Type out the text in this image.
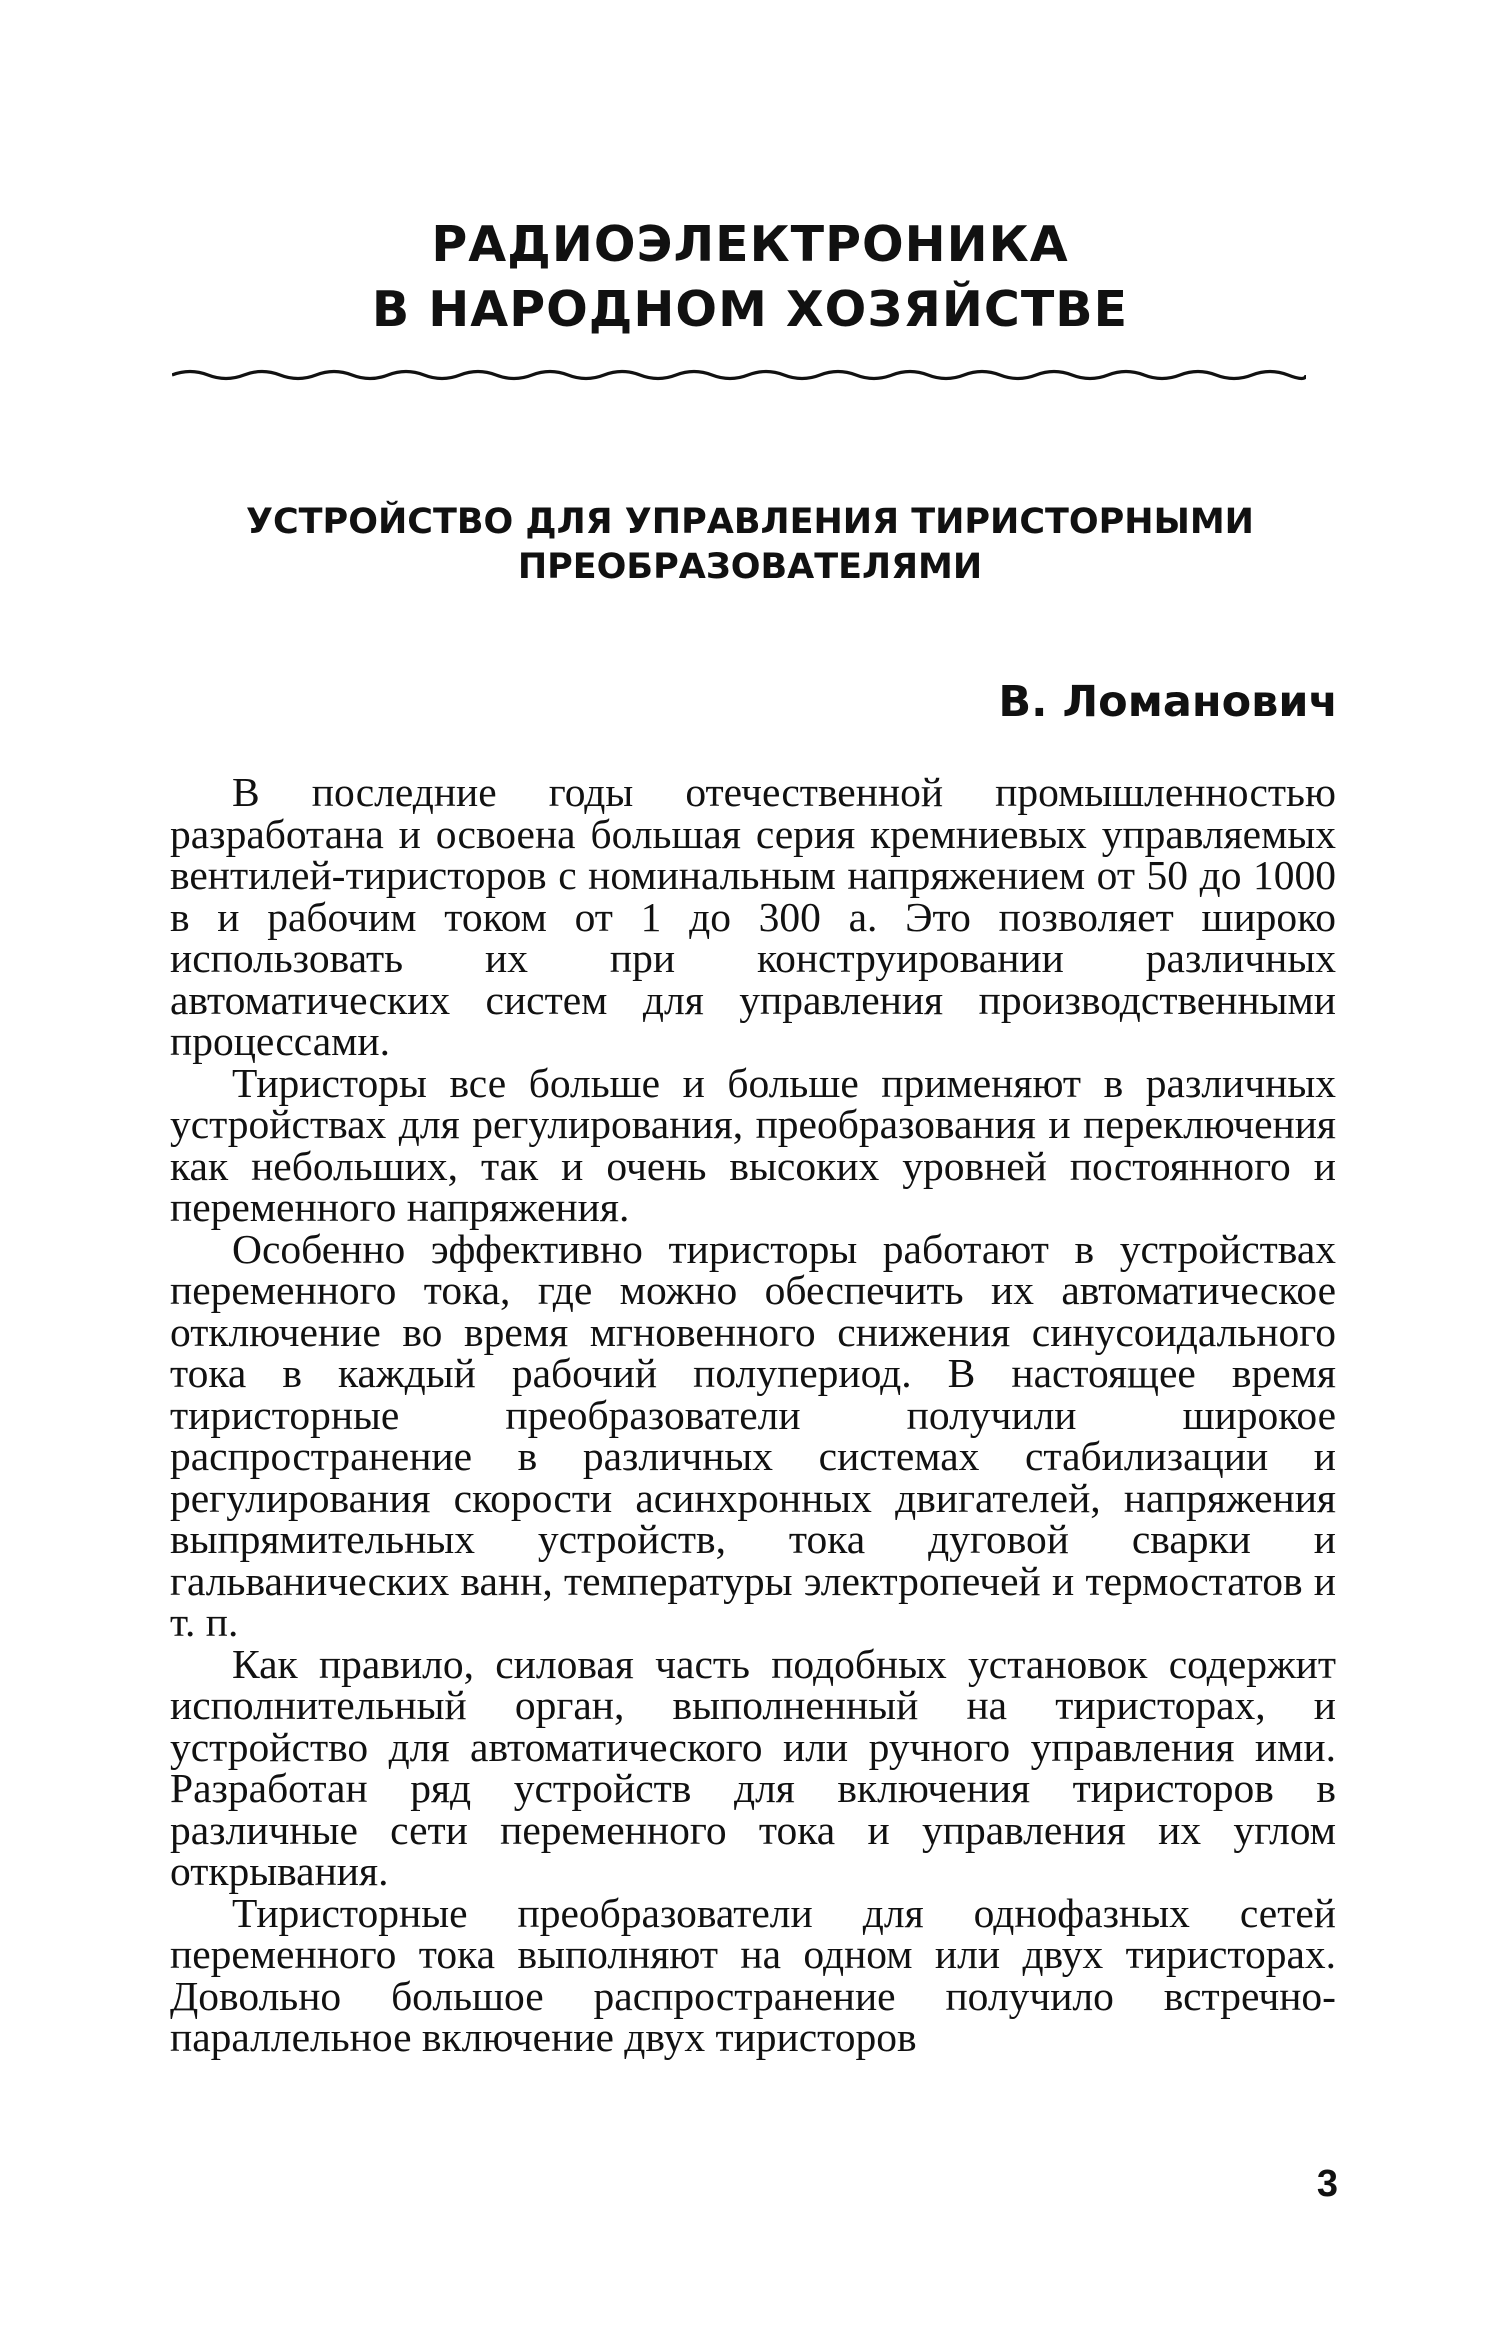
РАДИОЭЛЕКТРОНИКА
В НАРОДНОМ ХОЗЯЙСТВЕ
УСТРОЙСТВО ДЛЯ УПРАВЛЕНИЯ ТИРИСТОРНЫМИ
ПРЕОБРАЗОВАТЕЛЯМИ

В. Ломанович

В последние годы отечественной промышленностью разработана и освоена большая серия кремниевых управляемых вентилей-тиристоров с номинальным напряжением от 50 до 1000 в и рабочим током от 1 до 300 а. Это позволяет широко использовать их при конструировании различных автоматических систем для управления производственными процессами.

Тиристоры все больше и больше применяют в различных устройствах для регулирования, преобразования и переключения как небольших, так и очень высоких уровней постоянного и переменного напряжения.

Особенно эффективно тиристоры работают в устройствах переменного тока, где можно обеспечить их автоматическое отключение во время мгновенного снижения синусоидального тока в каждый рабочий полупериод. В настоящее время тиристорные преобразователи получили широкое распространение в различных системах стабилизации и регулирования скорости асинхронных двигателей, напряжения выпрямительных устройств, тока дуговой сварки и гальванических ванн, температуры электропечей и термостатов и т. п.

Как правило, силовая часть подобных установок содержит исполнительный орган, выполненный на тиристорах, и устройство для автоматического или ручного управления ими. Разработан ряд устройств для включения тиристоров в различные сети переменного тока и управления их углом открывания.

Тиристорные преобразователи для однофазных сетей переменного тока выполняют на одном или двух тиристорах. Довольно большое распространение получило встречно-параллельное включение двух тиристоров

3
